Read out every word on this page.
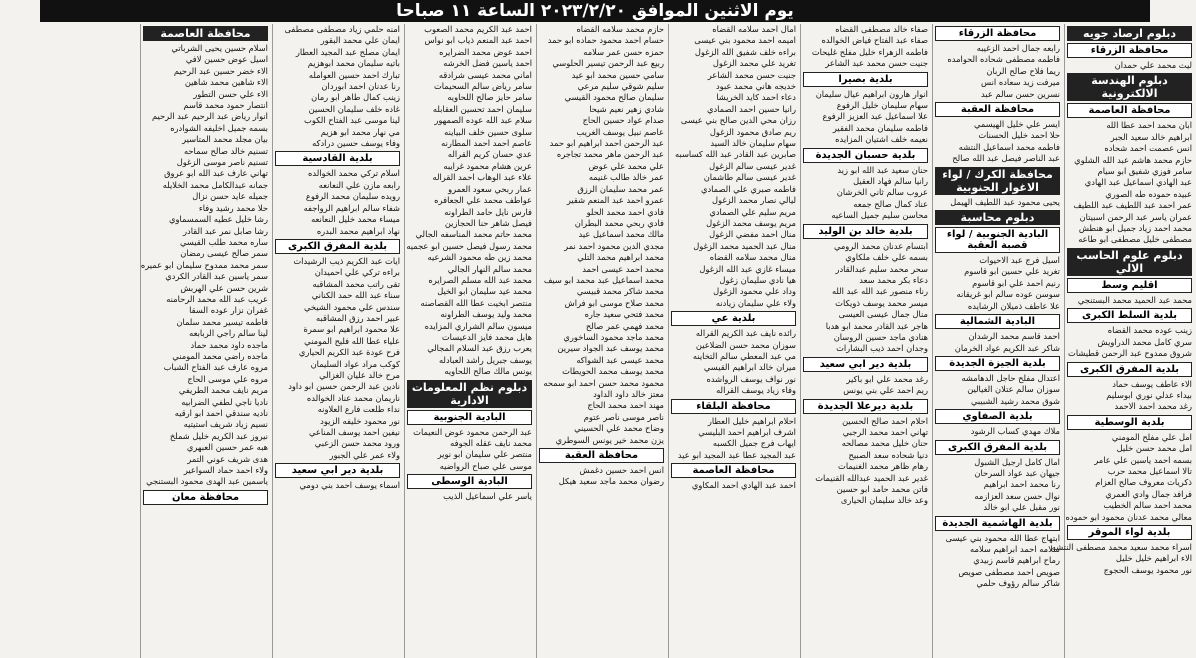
يوم الاثنين الموافق ٢٠٢٣/٢/٢٠ الساعة ١١ صباحا
دبلوم ارصاد جويه
محافظة الزرقاء
ليث محمد علي حمدان
دبلوم الهندسة الالكترونية
محافظة العاصمة
ابان محمد احمد عطا الله
ابراهيم خالد سعيد الجبر
انس عصمت احمد شحاده
حازم محمد هاشم عبد الله الشلوي
سامر فوزي شفيق ابو سيام
عبد الهادي اسماعيل عبد الهادي
عبيده حموده طه الصوري
عمر احمد عبد اللطيف عبد اللطيف
عمران ياسر عبد الرحمن اسبيتان
محمد احمد زياد جميل ابو هنطش
مصطفى خليل مصطفى ابو طاعه
دبلوم علوم الحاسب الالي
اقليم وسط
محمد عبد الحميد محمد البستنجي
بلدية السلط الكبرى
زينب عوده محمد القضاه
سري كامل محمد الدراويش
شروق ممدوح عبد الرحمن قطيشات
بلدية المفرق الكبرى
الاء عاطف يوسف حماد
بيداء عدلي نوري ابوسليم
رغد محمد احمد الاحمد
بلدية الوسطية
امل علي مفلح المومني
امل محمد حسن خليل
بسمه احمد ياسين علي عامر
تالا اسماعيل محمد حرب
ذكريات معروف صالح العزام
فرافد جمال وادي العمري
محمد احمد سالم الخطيب
معالي محمد عدنان محمود ابو حموده
بلدية لواء الموقر
اسراء محمد سعيد محمد مصطفى النتشه
الاء ابراهيم خليل خليل
نور محمود يوسف الحجوج
محافظة الزرقاء
رابعه جمال احمد الزغيبه
فاطمه مصطفى شحاده الحوامده
ريما فلاح صالح الربان
ميرفت زيد سعاده انس
نسرين حسن سالم عبد
محافظة العقبة
ايسر علي خليل الهيسمي
حلا احمد خليل الحسنات
فاطمه محمد اسماعيل النتشه
عبد الناصر فيصل عبد الله صالح
محافظة الكرك / لواء الاغوار الجنوبية
يحيى محمود عبد اللطيف الهيمل
دبلوم محاسبة
البادية الجنوبية / لواء قصبة العقبة
اسيل فرج عبد الاحيوات
تغريد علي حسين ابو قاسوم
رنيم احمد علي ابو قاسوم
سوسن عوده سالم ابو غريقانه
علا عاطف ذميلان الرشايده
البادية الشمالية
احمد قاسم محمد الرشدان
شاكر عبد الكريم عواد الخرمان
بلدية الجيزة الجديدة
اعتدال مفلح حاجل الدهامشه
سوزان سالم عتلان الغيالين
شوق محمد رشيد الشبيبي
بلدية الصفاوي
ملاك مهدي كساب الرشود
بلدية المفرق الكبرى
امال كامل ارجيل الشبول
جيهان عبد عواد السرحان
رنا محمد احمد ابراهيم
نوال حسن سعد العزازمه
نور مقبل علي ابو خالد
بلدية الهاشمية الجديدة
ابتهاج عطا الله محمود بني عيسى
سلامه احمد ابراهيم سلامه
رماح ابراهيم قاسم زبيدي
صويص احمد مصطفى صويص
شاكر سالم رؤوف حلمي
صفاء خالد مصطفى القضاه
صفاء عبد الفتاح فياض الخوالده
فاطمه الزهراء خليل مفلح غليحات
جنيت حسن محمد عبد الشاعر
بلدية بصيرا
انوار هارون ابراهيم عيال سليمان
سهام سليمان خليل الرفوع
علا اسماعيل عبد العزيز الرفوع
فاطمه سليمان محمد الفقير
نعيمه خلف اشتيان المزايده
بلدية حسبان الجديدة
حنان سعيد عبد الله ابو زيد
رانيا سالم فهاد العقيل
عروب سالم ثاني الخرشان
عناد كمال صالح جمعه
محاسن سليم جميل الساعيه
بلدية خالد بن الوليد
ابتسام عدنان محمد الرومي
بسمه علي خلف ملكاوي
سحر محمد سليم عبدالقادر
دعاء بكر محمد سعد
رناء منصور عبد الله عبد الله
ميسر محمد يوسف ذويكات
منال جمال عيسى العيسى
هاجر عبد القادر محمد ابو هدبا
هنادي ماجد حسين الروسان
وجدان احمد ذيب البشارات
بلدية دير ابي سعيد
رغد محمد علي ابو باكير
ريم احمد علي بني يونس
بلدية ديرعلا الجديدة
احلام احمد صالح الحسين
تهاني احمد محمد الرجبي
حنان خليل محمد مصالحه
دنيا شحاده سعد الصبيح
رهام ظاهر محمد الغنيمات
غدير عبد الحميد عبدالله القنيمات
فاتن محمد حامد ابو حسين
وعد خالد سليمان الحيارى
امال احمد سلامه القضاه
اميمه احمد محمود بني عيسى
براءه خلف شفيق الله الزغول
تغريد علي محمد الزغول
جنيت حسن محمد الشاعر
خديجه هاني محمد عبود
دعاء احمد كايد الخريشا
رانيا حسين احمد الصمادي
رزان محي الدين صالح بني عيسى
ريم صادق محمود الزغول
سهام سليمان خالد السيد
صابرين عبد القادر عبد الله كساسبه
غدير عيسى سالم الزغول
غدير عيسى سالم طاشمان
فاطمه صبري علي الصمادي
ليالي نصار محمد الزغول
مريم سليم علي الصمادي
مريم يوسف محمد الزغول
منال احمد مفضي الزغول
منال عبد الحميد محمد الزغول
منال محمد سلامه القضاه
ميساء غازي عبد الله الزغول
هيا نادي سليمان زغول
وداد علي محمود الزغول
ولاء علي سليمان زيادنه
بلدية عي
رائده نايف عبد الكريم القراله
سوزان محمد حسن الضلاعين
مي عبد المعطي سالم التخاينه
ميران خالد ابراهيم القيسي
نور نواف يوسف الرواشده
وفاء زياد يوسف القراله
محافظة البلقاء
احلام ابراهيم خليل العطار
اشرف ابراهيم احمد البليسي
ايهاب فرج جميل الكسبه
عبد المجيد عطا عبد المجيد ابو عيد
محافظة العاصمة
احمد عبد الهادي احمد المكاوي
حازم محمد سلامه القضاه
حسام احمد محمود حماده ابو حمد
حمزه حسن عمر سلامه
ربيع عبد الرحمن تيسير الحلوسي
سامي حسين محمد ابو عيد
سليم شوقي سليم مرعي
سليمان صالح محمود القيسي
شادي زهير نعيم شيحا
صدام عواد حسين الحاج
عاصم نبيل يوسف الغريب
عبد الرحمن احمد ابراهيم ابو حمد
عبد الرحمن ماهر محمد تجاجره
علي محمد علي عوض
عمر خالد طالب غنيمه
عمر محمد سليمان الرزق
عمرو احمد عبد المنعم شقير
فادي احمد محمد الحلو
فادي ربحي محمد البطران
مالك محمد اسماعيل عيد
مجدي الدين محمود احمد نمر
محمد ابراهيم محمد التلي
محمد احمد عيسى احمد
محمد اسماعيل عبد محمد ابو سيف
محمد شاكر محمد قبيسي
محمد صلاح موسى ابو فراش
محمد فتحي سعيد جاره
محمد فهمي عمر صالح
محمد ماجد محمود الساخوري
محمد يوسف عبد الجواد سيرين
محمد عيسى عبد الشواكه
محمد يوسف محمد الحويطات
محمود محمد حسن احمد ابو سمحه
معتز خالد داود الداود
مهند احمد محمد الحاج
ناصر موسى ناصر عتوم
وضاح محمد علي الحسيني
يزن محمد خير يونس السوطري
محافظة العقبة
انس احمد حسين دغمش
رضوان محمد ماجد سعيد هيكل
احمد عبد الكريم محمد الصعوب
احمد عبد المنعم ذياب ابو نواس
احمد عوض محمد الضرايره
احمد ياسين فضل الخرشه
اماني محمد عيسى شرادقه
سامر رياض سالم السحيمات
سامر حايز صالح اللحاويه
سليمان احمد تحسين العقابله
سلام عبد الله عوده الصمهور
سلوى حسين خلف البياينه
عاصم احمد احمد المطارنه
عدي حسان كريم القراله
عرين هشام محمود غرايبه
علاء عبد الوهاب احمد القراله
عمار ربحي سعود العمرو
عواطف محمد علي الجعافره
فارس نايل حامد الطراونه
فيصل شاهر حنا الحجازين
محمد حاتم محمد المناسفه الجالي
محمد رسول فيصل حسين ابو عجميه
محمد زين طه محمود الشرعيه
محمد سالم النهار الجالي
محمد عبد الله مسلم الصرايره
محمد عيد سليمان ابو الخيل
منتصر ابخيت عطا الله القصاصنه
محمد وليد يوسف الطراونه
ميسون سالم الشراري المزايده
هايل محمد فايز الدعيسات
يعرب رزق عبد السلام المجالي
يوسف جبريل راشد العبادله
يونس مالك صالح اللحاويه
دبلوم نظم المعلومات الادارية
البادية الجنوبية
عبد الرحمن محمود عوض النعيمات
محمد نايف عقله الجوفه
منتصر علي سليمان ابو نوير
موسى علي صباح الرواضيه
البادية الوسطى
ياسر علي اسماعيل الذيب
امنه حلمي زياد مصطفى مصطفى
ايمان علي محمد البقور
ايمان مصلح عبد المجيد العطار
باتيه سليمان محمد ابوهزيم
تبارك احمد حسين العوامله
رنا عدنان احمد ابوردان
زينب كمال طاهر ابو رمان
غاده خلف سليمان الحسين
لينا موسى عبد الفتاح الكوب
مي نهار محمد ابو هزيم
وفاء يوسف حسين درادكه
بلدية القادسية
اسلام تركي محمد الخوالده
رابعه مازن علي النعانعه
رويده سليمان محمد الرفوع
شفاء سالم ابراهيم الرواجفه
ميساء محمد خليل النعانعه
نهاد ابراهيم محمد البدره
بلدية المفرق الكبرى
ايات عبد الكريم ذيب الرشيدات
براءه تركي علي احميدان
تقى راتب محمد المشاقبه
سناء عبد الله حمد الكناني
سندس علي محمود الشيخي
عبير احمد رزق المشاقبه
علا محمود ابراهيم ابو سمرة
علياء عطا الله فليح المومني
فرح عودة عبد الكريم الحياري
كوكب مراد عواد السليمان
مرح خالد عليان الغزالي
نادين عبد الرحمن حسين ابو داود
ناريمان محمد عناد الخوالده
نداء طلعت فارع العلاونه
نور محمود خليفه الزيود
نيفين احمد يوسف المناعي
ورود محمد حسن الزعبي
ولاء عمر علي الجبور
بلدية دير ابي سعيد
اسماء يوسف احمد بني دومي
محافظة العاصمة
اسلام حسين يحيى الشرباتي
اسيل عوض حسين لافي
الاء خضر حسين عبد الرحيم
الاء شاهين محمد شاهين
الاء علي حسن التطور
انتصار حمود محمد قاسم
انوار رياض عبد الرحيم عبد الرحيم
بسمه جميل اخليفه الشوادره
بيان مجلد محمد المتاسير
تسنيم خالد صالح سماحه
تسنيم ناصر موسى الزغول
تهاني عارف عبد الله ابو عروق
جمانه عبدالكامل محمد الخلايله
جميله عايد حسن نزال
حلا محمد رشيد وفاء
رشا خليل عطيه السمسماوي
رشا صابل نمر عبد القادر
ساره محمد طلب القيسي
سمر صالح عيسى رمضان
سمر محمد ممدوح سليمان ابو عميره
سمر ياسين عبد القادر الكردي
شرين حسن علي الهربش
عريب عبد الله محمد الرحامنه
غفران نزار عوده السقا
فاطمه تيسير محمد سلمان
لينا سالم راجي الربابعه
ماجده داود محمد حماد
ماجده راضي محمد المومني
مروه عارف عبد الفتاح الشباب
مروه علي موسى الحاج
مريم نايف محمد الطريفي
ناديا ناجي لطفي الضرابيه
ناديه سندقي احمد ابو ارقيه
نسيم زياد شريف استيتيه
نيروز عبد الكريم خليل شملخ
هبه عمر حسين العبهري
هدى شريف عوني التمر
ولاء احمد حماد السواعير
ياسمين عبد الهدى محمود البستنجي
محافظة معان
